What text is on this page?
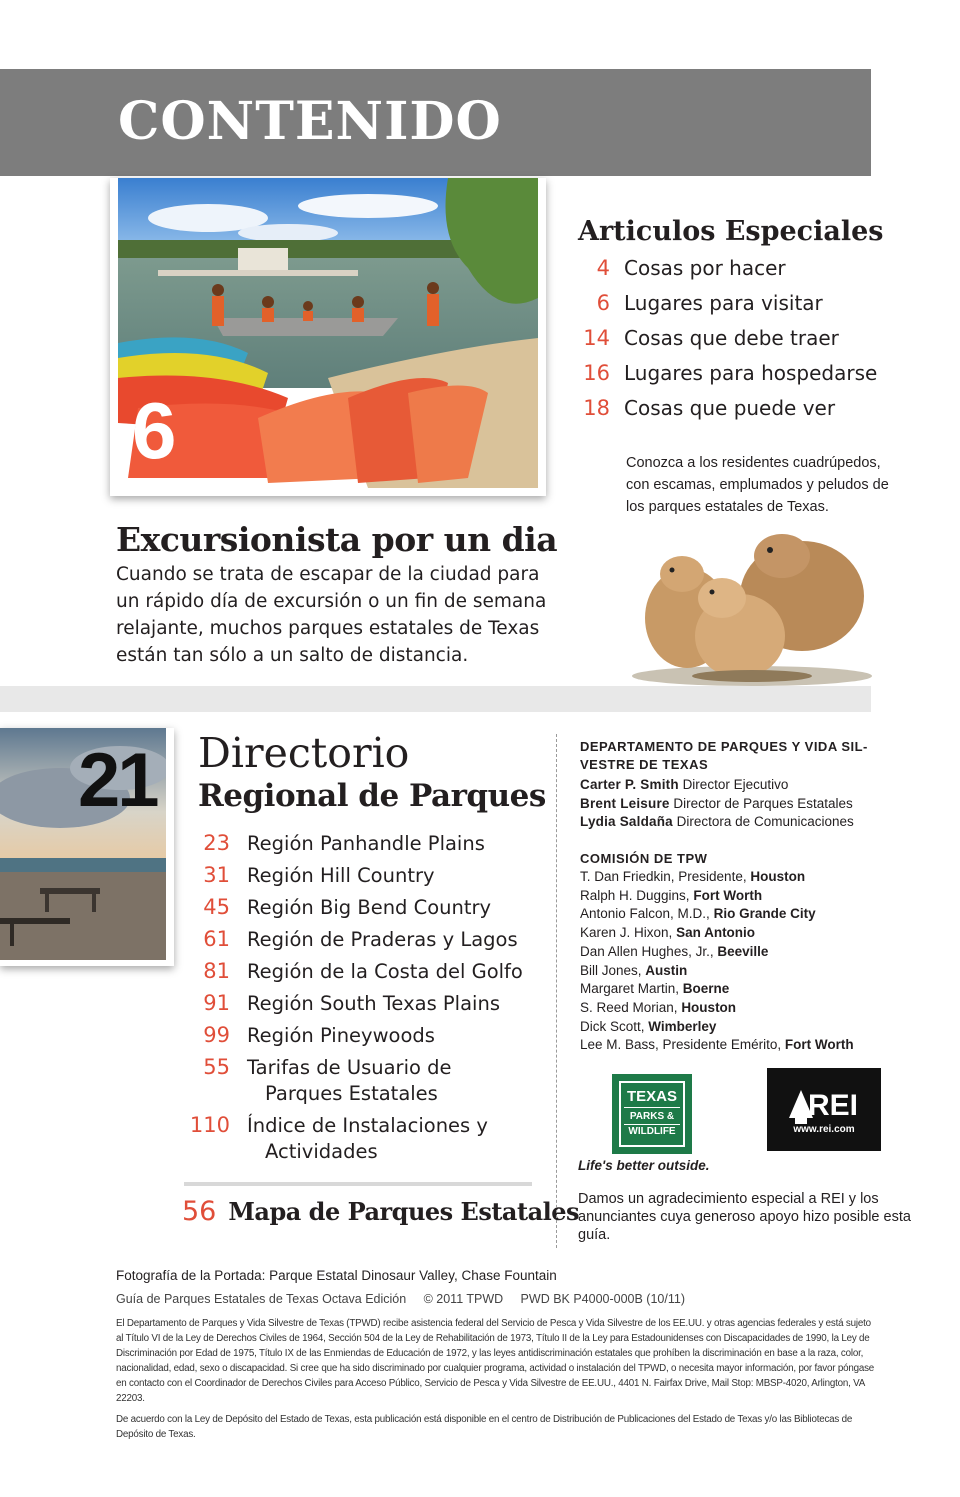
CONTENIDO
6
Articulos Especiales
4 Cosas por hacer
6 Lugares para visitar
14 Cosas que debe traer
16 Lugares para hospedarse
18 Cosas que puede ver
Conozca a los residentes cuadrúpedos, con escamas, emplumados y peludos de los parques estatales de Texas.
Excursionista por un dia
Cuando se trata de escapar de la ciudad para un rápido día de excursión o un fin de semana relajante, muchos parques estatales de Texas están tan sólo a un salto de distancia.
21 Directorio
Regional de Parques
23 Región Panhandle Plains
31 Región Hill Country
45 Región Big Bend Country
61 Región de Praderas y Lagos
81 Región de la Costa del Golfo
91 Región South Texas Plains
99 Región Pineywoods
55 Tarifas de Usuario de
Parques Estatales
110 Índice de Instalaciones y
Actividades
56 Mapa de Parques Estatales
DEPARTAMENTO DE PARQUES Y VIDA SIL- VESTRE DE TEXAS
Carter P. Smith Director Ejecutivo
Brent Leisure Director de Parques Estatales
Lydia Saldaña Directora de Comunicaciones
COMISIÓN DE TPW
T. Dan Friedkin, Presidente, Houston
Ralph H. Duggins, Fort Worth
Antonio Falcon, M.D., Rio Grande City
Karen J. Hixon, San Antonio
Dan Allen Hughes, Jr., Beeville
Bill Jones, Austin
Margaret Martin, Boerne
S. Reed Morian, Houston
Dick Scott, Wimberley
Lee M. Bass, Presidente Emérito, Fort Worth
TEXAS
PARKS &
WILDLIFE
Life's better outside.
REI
www.rei.com
Damos un agradecimiento especial a REI y los anunciantes cuya generoso apoyo hizo posible esta guía.
Fotografía de la Portada: Parque Estatal Dinosaur Valley, Chase Fountain
Guía de Parques Estatales de Texas Octava Edición     © 2011 TPWD     PWD BK P4000-000B (10/11)
El Departamento de Parques y Vida Silvestre de Texas (TPWD) recibe asistencia federal del Servicio de Pesca y Vida Silvestre de los EE.UU. y otras agencias federales y está sujeto al Título VI de la Ley de Derechos Civiles de 1964, Sección 504 de la Ley de Rehabilitación de 1973, Título II de la Ley para Estadounidenses con Discapacidades de 1990, la Ley de Discriminación por Edad de 1975, Título IX de las Enmiendas de Educación de 1972, y las leyes antidiscriminación estatales que prohíben la discriminación en base a la raza, color, nacionalidad, edad, sexo o discapacidad. Si cree que ha sido discriminado por cualquier programa, actividad o instalación del TPWD, o necesita mayor información, por favor póngase en contacto con el Coordinador de Derechos Civiles para Acceso Público, Servicio de Pesca y Vida Silvestre de EE.UU., 4401 N. Fairfax Drive, Mail Stop: MBSP-4020, Arlington, VA 22203.
De acuerdo con la Ley de Depósito del Estado de Texas, esta publicación está disponible en el centro de Distribución de Publicaciones del Estado de Texas y/o las Bibliotecas de Depósito de Texas.
